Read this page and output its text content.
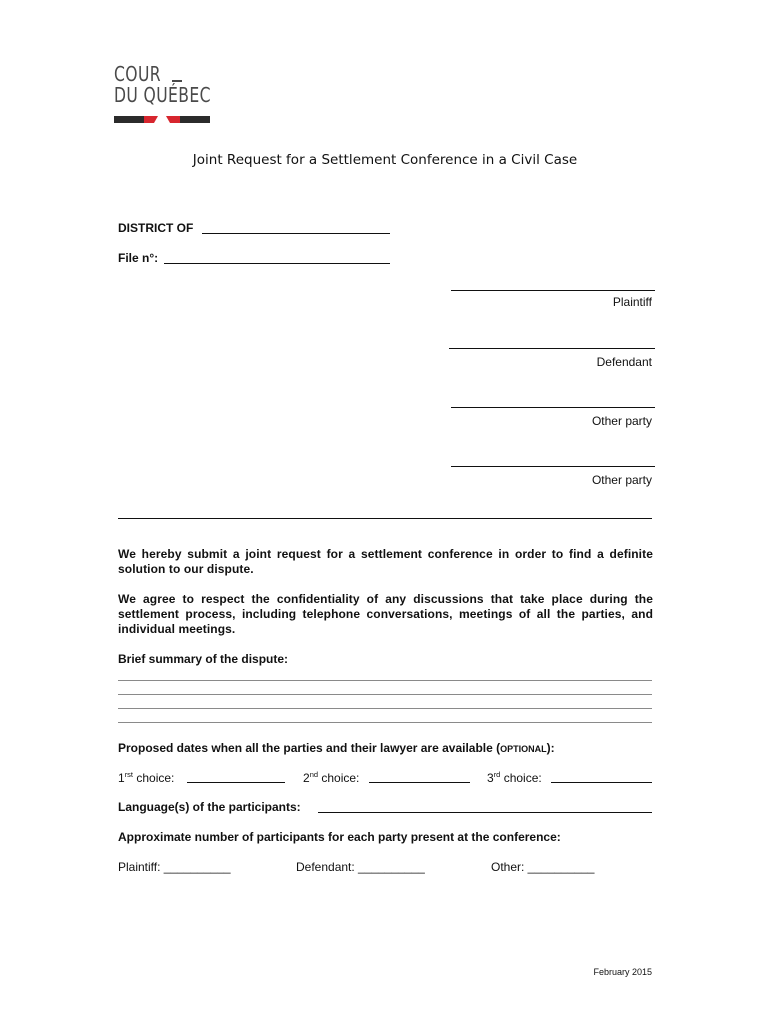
COUR
DU QUÉBEC
Joint Request for a Settlement Conference in a Civil Case
DISTRICT OF
File n°:
Plaintiff
Defendant
Other party
Other party
We hereby submit a joint request for a settlement conference in order to find a definite solution to our dispute.
We agree to respect the confidentiality of any discussions that take place during the settlement process, including telephone conversations, meetings of all the parties, and individual meetings.
Brief summary of the dispute:
Proposed dates when all the parties and their lawyer are available (OPTIONAL):
$1^{rst}$ choice:	2nd choice:	3rd choice:
Language(s) of the participants:
Approximate number of participants for each party present at the conference:
Plaintiff: __________	Defendant: __________	Other: __________
February 2015
